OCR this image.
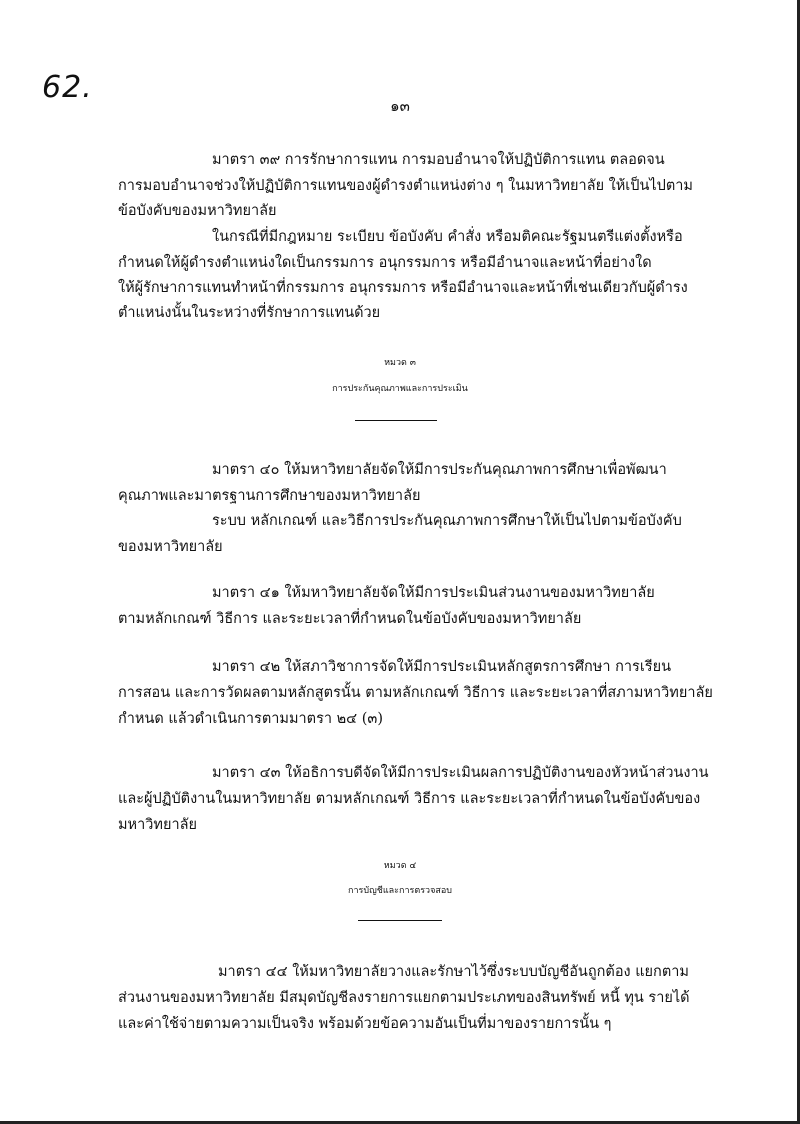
62.
๑๓
มาตรา ๓๙ การรักษาการแทน การมอบอำนาจให้ปฏิบัติการแทน ตลอดจน
การมอบอำนาจช่วงให้ปฏิบัติการแทนของผู้ดำรงตำแหน่งต่าง ๆ ในมหาวิทยาลัย ให้เป็นไปตาม
ข้อบังคับของมหาวิทยาลัย
ในกรณีที่มีกฎหมาย ระเบียบ ข้อบังคับ คำสั่ง หรือมติคณะรัฐมนตรีแต่งตั้งหรือ
กำหนดให้ผู้ดำรงตำแหน่งใดเป็นกรรมการ อนุกรรมการ หรือมีอำนาจและหน้าที่อย่างใด
ให้ผู้รักษาการแทนทำหน้าที่กรรมการ อนุกรรมการ หรือมีอำนาจและหน้าที่เช่นเดียวกับผู้ดำรง
ตำแหน่งนั้นในระหว่างที่รักษาการแทนด้วย
หมวด ๓
การประกันคุณภาพและการประเมิน
มาตรา ๔๐ ให้มหาวิทยาลัยจัดให้มีการประกันคุณภาพการศึกษาเพื่อพัฒนา
คุณภาพและมาตรฐานการศึกษาของมหาวิทยาลัย
ระบบ หลักเกณฑ์ และวิธีการประกันคุณภาพการศึกษาให้เป็นไปตามข้อบังคับ
ของมหาวิทยาลัย
มาตรา ๔๑ ให้มหาวิทยาลัยจัดให้มีการประเมินส่วนงานของมหาวิทยาลัย
ตามหลักเกณฑ์ วิธีการ และระยะเวลาที่กำหนดในข้อบังคับของมหาวิทยาลัย
มาตรา ๔๒ ให้สภาวิชาการจัดให้มีการประเมินหลักสูตรการศึกษา การเรียน
การสอน และการวัดผลตามหลักสูตรนั้น ตามหลักเกณฑ์ วิธีการ และระยะเวลาที่สภามหาวิทยาลัย
กำหนด แล้วดำเนินการตามมาตรา ๒๔ (๓)
มาตรา ๔๓ ให้อธิการบดีจัดให้มีการประเมินผลการปฏิบัติงานของหัวหน้าส่วนงาน
และผู้ปฏิบัติงานในมหาวิทยาลัย ตามหลักเกณฑ์ วิธีการ และระยะเวลาที่กำหนดในข้อบังคับของ
มหาวิทยาลัย
หมวด ๔
การบัญชีและการตรวจสอบ
มาตรา ๔๔ ให้มหาวิทยาลัยวางและรักษาไว้ซึ่งระบบบัญชีอันถูกต้อง แยกตาม
ส่วนงานของมหาวิทยาลัย มีสมุดบัญชีลงรายการแยกตามประเภทของสินทรัพย์ หนี้ ทุน รายได้
และค่าใช้จ่ายตามความเป็นจริง พร้อมด้วยข้อความอันเป็นที่มาของรายการนั้น ๆ
